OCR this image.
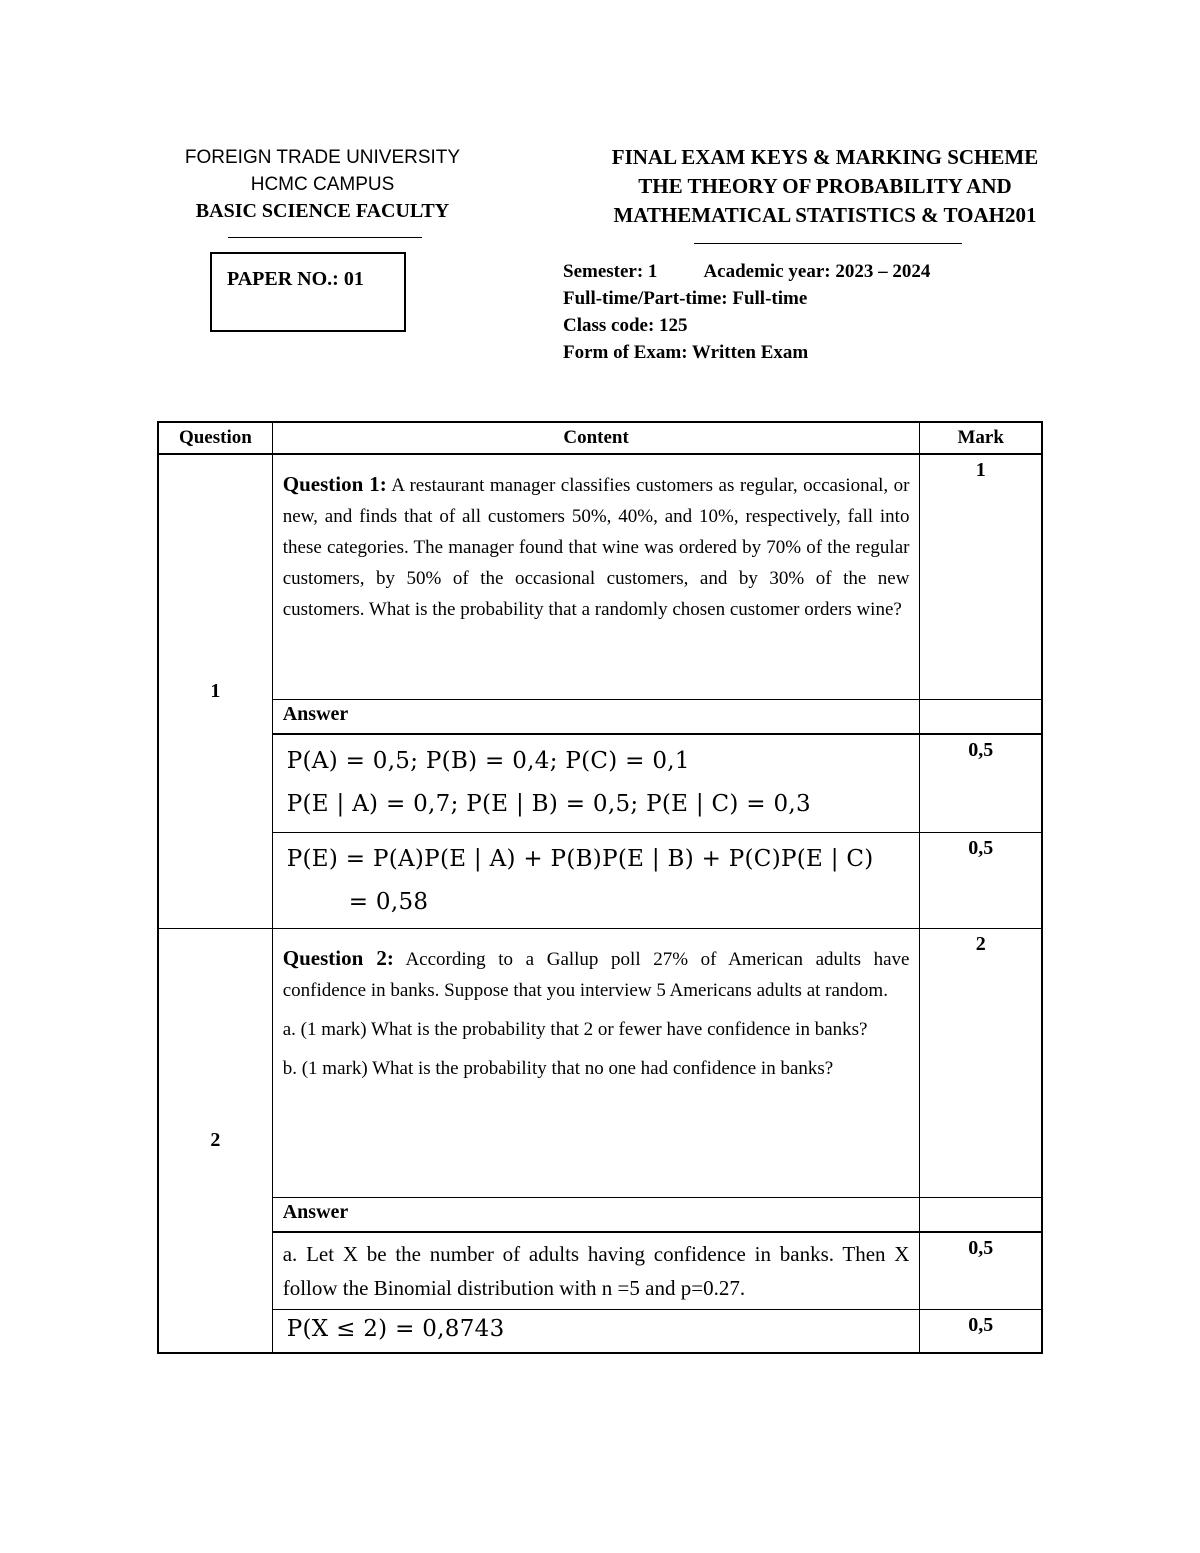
FOREIGN TRADE UNIVERSITY
HCMC CAMPUS
BASIC SCIENCE FACULTY
PAPER NO.: 01
FINAL EXAM KEYS & MARKING SCHEME
THE THEORY OF PROBABILITY AND
MATHEMATICAL STATISTICS & TOAH201
Semester: 1 Academic year: 2023 – 2024
Full-time/Part-time: Full-time
Class code: 125
Form of Exam: Written Exam
Question	Content	Mark
1	Question 1: A restaurant manager classifies customers as regular, occasional, or new, and finds that of all customers 50%, 40%, and 10%, respectively, fall into these categories. The manager found that wine was ordered by 70% of the regular customers, by 50% of the occasional customers, and by 30% of the new customers. What is the probability that a randomly chosen customer orders wine?	1
	Answer	

	P(A) = 0,5; P(B) = 0,4; P(C) = 0,1
P(E | A) = 0,7; P(E | B) = 0,5; P(E | C) = 0,3	0,5

	P(E) = P(A)P(E | A) + P(B)P(E | B) + P(C)P(E | C)
= 0,58	0,5
2	Question 2: According to a Gallup poll 27% of American adults have confidence in banks. Suppose that you interview 5 Americans adults at random.
a. (1 mark) What is the probability that 2 or fewer have confidence in banks?
b. (1 mark) What is the probability that no one had confidence in banks?	2
	Answer	

	a. Let X be the number of adults having confidence in banks. Then X follow the Binomial distribution with n =5 and p=0.27.	0,5

	P(X ≤ 2) = 0,8743	0,5
